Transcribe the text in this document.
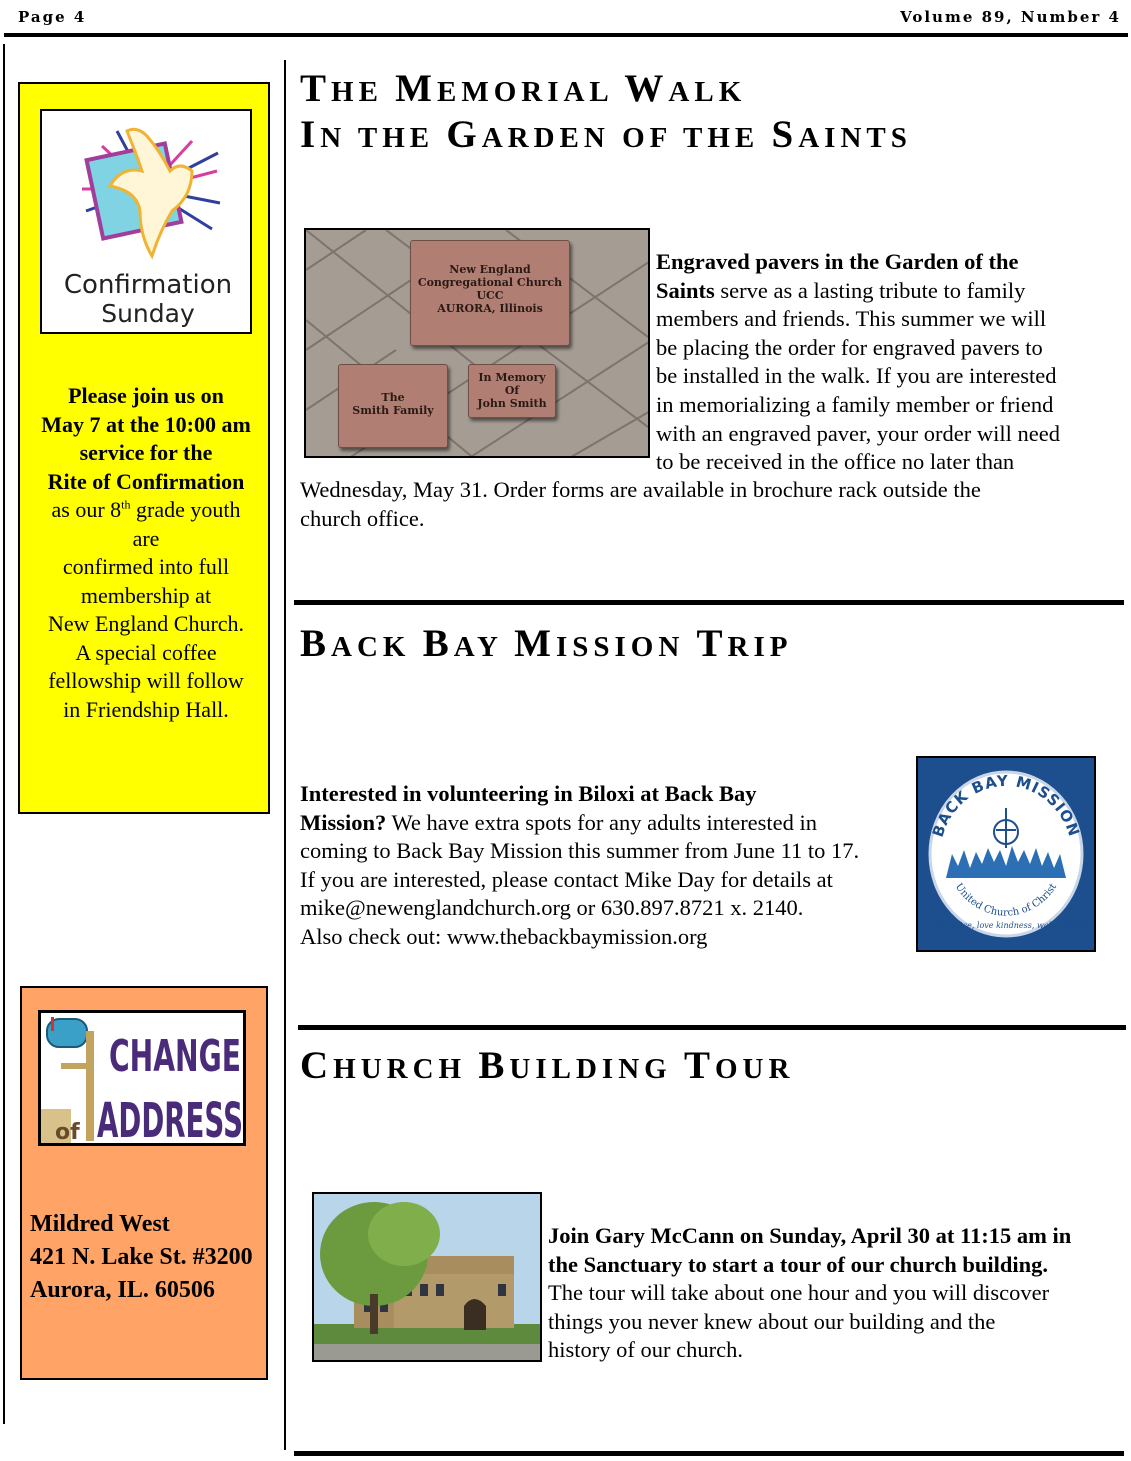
Page 4	Volume 89, Number 4
Confirmation
Sunday
Please join us on
May 7 at the 10:00 am
service for the
Rite of Confirmation
as our 8th grade youth
are
confirmed into full
membership at
New England Church.
A special coffee
fellowship will follow
in Friendship Hall.
of
CHANGE
ADDRESS
Mildred West
421 N. Lake St. #3200
Aurora, IL. 60506
THE MEMORIAL WALK
IN THE GARDEN OF THE SAINTS
New England
Congregational Church
UCC
AURORA, Illinois
The
Smith Family
In Memory
Of
John Smith
Engraved pavers in the Garden of the
Saints serve as a lasting tribute to family
members and friends. This summer we will
be placing the order for engraved pavers to
be installed in the walk. If you are interested
in memorializing a family member or friend
with an engraved paver, your order will need
to be received in the office no later than
Wednesday, May 31. Order forms are available in brochure rack outside the
church office.
BACK BAY MISSION TRIP
Interested in volunteering in Biloxi at Back Bay
Mission? We have extra spots for any adults interested in
coming to Back Bay Mission this summer from June 11 to 17.
If you are interested, please contact Mike Day for details at
mike@newenglandchurch.org or 630.897.8721 x. 2140.
Also check out: www.thebackbaymission.org
BACK BAY MISSION
United Church of Christ
~ do justice, love kindness, walk humbly
CHURCH BUILDING TOUR
Join Gary McCann on Sunday, April 30 at 11:15 am in
the Sanctuary to start a tour of our church building.
The tour will take about one hour and you will discover
things you never knew about our building and the
history of our church.
